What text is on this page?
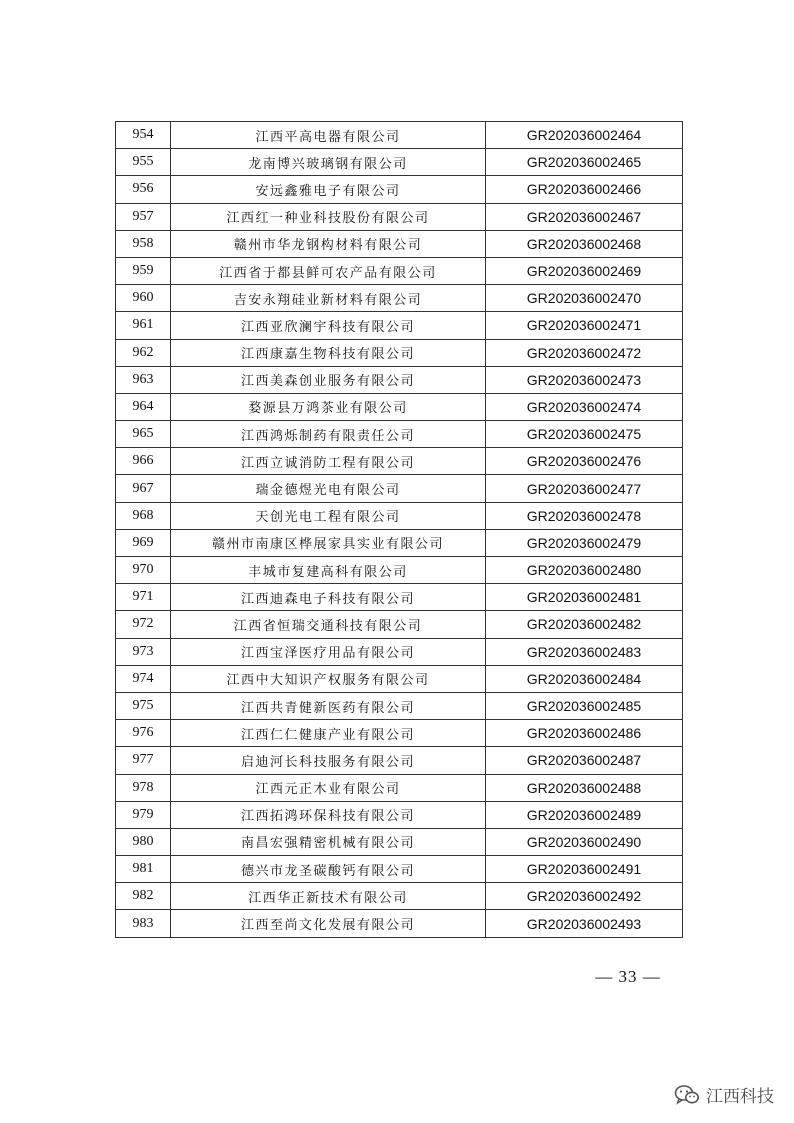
954	江西平高电器有限公司	GR202036002464
955	龙南博兴玻璃钢有限公司	GR202036002465
956	安远鑫雅电子有限公司	GR202036002466
957	江西红一种业科技股份有限公司	GR202036002467
958	赣州市华龙钢构材料有限公司	GR202036002468
959	江西省于都县鲜可农产品有限公司	GR202036002469
960	吉安永翔硅业新材料有限公司	GR202036002470
961	江西亚欣澜宇科技有限公司	GR202036002471
962	江西康嘉生物科技有限公司	GR202036002472
963	江西美森创业服务有限公司	GR202036002473
964	婺源县万鸿茶业有限公司	GR202036002474
965	江西鸿烁制药有限责任公司	GR202036002475
966	江西立诚消防工程有限公司	GR202036002476
967	瑞金德煜光电有限公司	GR202036002477
968	天创光电工程有限公司	GR202036002478
969	赣州市南康区桦展家具实业有限公司	GR202036002479
970	丰城市复建高科有限公司	GR202036002480
971	江西迪森电子科技有限公司	GR202036002481
972	江西省恒瑞交通科技有限公司	GR202036002482
973	江西宝泽医疗用品有限公司	GR202036002483
974	江西中大知识产权服务有限公司	GR202036002484
975	江西共青健新医药有限公司	GR202036002485
976	江西仁仁健康产业有限公司	GR202036002486
977	启迪河长科技服务有限公司	GR202036002487
978	江西元正木业有限公司	GR202036002488
979	江西拓鸿环保科技有限公司	GR202036002489
980	南昌宏强精密机械有限公司	GR202036002490
981	德兴市龙圣碳酸钙有限公司	GR202036002491
982	江西华正新技术有限公司	GR202036002492
983	江西至尚文化发展有限公司	GR202036002493
— 33 —
江西科技
